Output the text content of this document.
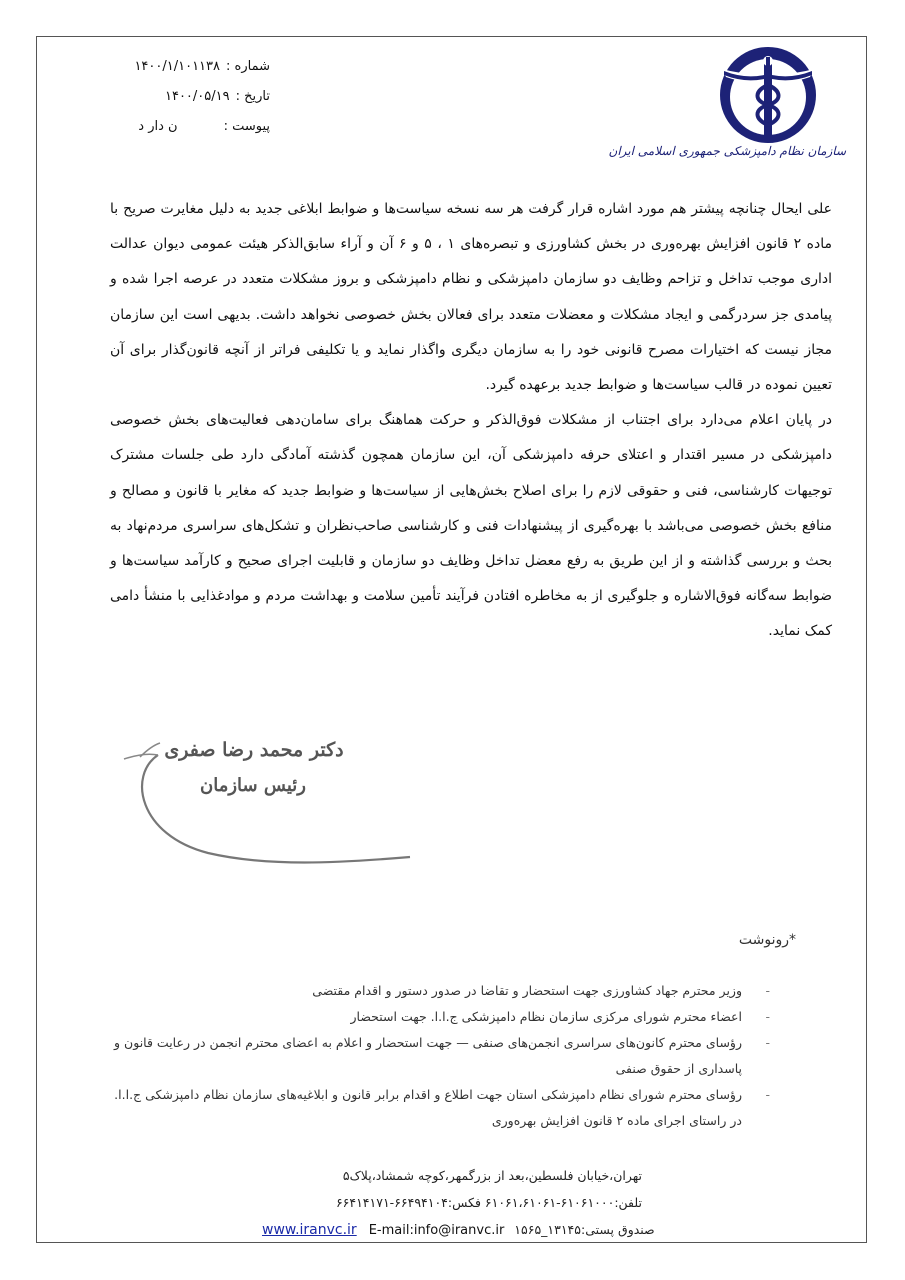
شماره :
۱۴۰۰/۱/۱۰۱۱۳۸
تاریخ :
۱۴۰۰/۰۵/۱۹
پیوست :
ن دار د
سازمان نظام دامپزشکی جمهوری اسلامی ایران

علی ایحال چنانچه پیشتر هم مورد اشاره قرار گرفت هر سه نسخه سیاست‌ها و ضوابط ابلاغی جدید به دلیل مغایرت صریح با ماده ۲ قانون افزایش بهره‌وری در بخش کشاورزی و تبصره‌های ۱ ، ۵ و ۶ آن و آراء سابق‌الذکر هیئت عمومی دیوان عدالت اداری موجب تداخل و تزاحم وظایف دو سازمان دامپزشکی و نظام دامپزشکی و بروز مشکلات متعدد در عرصه اجرا شده و پیامدی جز سردرگمی و ایجاد مشکلات و معضلات متعدد برای فعالان بخش خصوصی نخواهد داشت. بدیهی است این سازمان مجاز نیست که اختیارات مصرح قانونی خود را به سازمان دیگری واگذار نماید و یا تکلیفی فراتر از آنچه قانون‌گذار برای آن تعیین نموده در قالب سیاست‌ها و ضوابط جدید برعهده گیرد.

در پایان اعلام می‌دارد برای اجتناب از مشکلات فوق‌الذکر و حرکت هماهنگ برای سامان‌دهی فعالیت‌های بخش خصوصی دامپزشکی در مسیر اقتدار و اعتلای حرفه دامپزشکی آن، این سازمان همچون گذشته آمادگی دارد طی جلسات مشترک توجیهات کارشناسی، فنی و حقوقی لازم را برای اصلاح بخش‌هایی از سیاست‌ها و ضوابط جدید که مغایر با قانون و مصالح و منافع بخش خصوصی می‌باشد با بهره‌گیری از پیشنهادات فنی و کارشناسی صاحب‌نظران و تشکل‌های سراسری مردم‌نهاد به بحث و بررسی گذاشته و از این طریق به رفع معضل تداخل وظایف دو سازمان و قابلیت اجرای صحیح و کارآمد سیاست‌ها و ضوابط سه‌گانه فوق‌الاشاره و جلوگیری از به مخاطره افتادن فرآیند تأمین سلامت و بهداشت مردم و موادغذایی با منشأ دامی کمک نماید.

دکتر محمد رضا صفری
رئیس سازمان
*رونوشت
-
وزیر محترم جهاد کشاورزی جهت استحضار و تقاضا در صدور دستور و اقدام مقتضی
-
اعضاء محترم شورای مرکزی سازمان نظام دامپزشکی ج.ا.ا. جهت استحضار
-
رؤسای محترم کانون‌های سراسری انجمن‌های صنفی — جهت استحضار و اعلام به اعضای محترم انجمن در رعایت قانون و پاسداری از حقوق صنفی
-
رؤسای محترم شورای نظام دامپزشکی استان جهت اطلاع و اقدام برابر قانون و ابلاغیه‌های سازمان نظام دامپزشکی ج.ا.ا. در راستای اجرای ماده ۲ قانون افزایش بهره‌وری
تهران،خیابان فلسطین،بعد از بزرگمهر،کوچه شمشاد،پلاک۵
تلفن:۶۱۰۶۱۰۰۰-۶۱۰۶۱،۶۱۰۶۱ فکس:۶۶۴۹۴۱۰۴-۶۶۴۱۴۱۷۱
www.iranvc.ir E-mail:info@iranvc.ir صندوق پستی:۱۳۱۴۵_۱۵۶۵
